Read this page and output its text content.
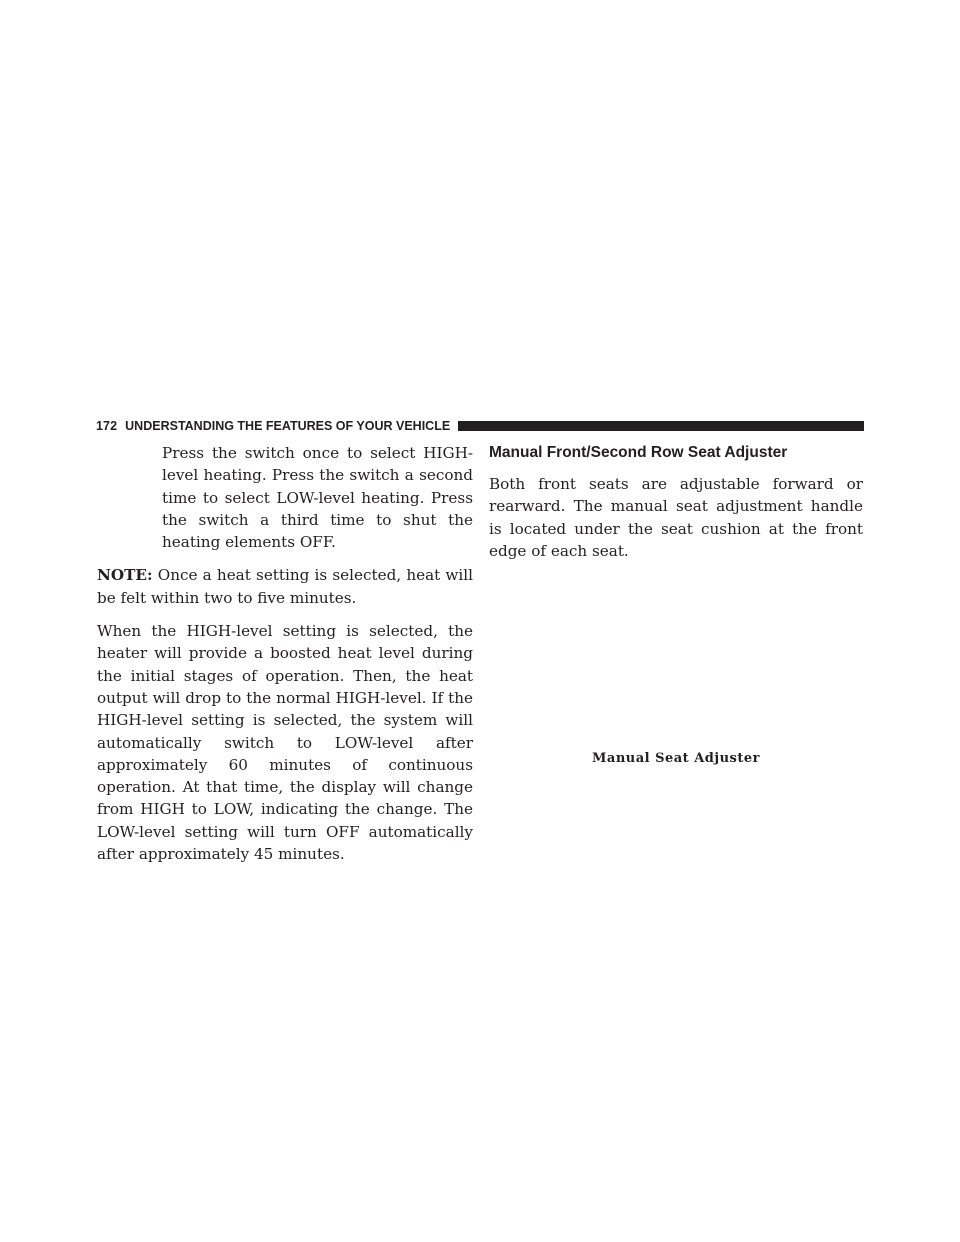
172 UNDERSTANDING THE FEATURES OF YOUR VEHICLE

Press the switch once to select HIGH-level heating. Press the switch a second time to select LOW-level heating. Press the switch a third time to shut the heating elements OFF.

NOTE: Once a heat setting is selected, heat will be felt within two to five minutes.

When the HIGH-level setting is selected, the heater will provide a boosted heat level during the initial stages of operation. Then, the heat output will drop to the normal HIGH-level. If the HIGH-level setting is selected, the system will automatically switch to LOW-level after approximately 60 minutes of continuous operation. At that time, the display will change from HIGH to LOW, indicating the change. The LOW-level setting will turn OFF automatically after approximately 45 minutes.

Manual Front/Second Row Seat Adjuster

Both front seats are adjustable forward or rearward. The manual seat adjustment handle is located under the seat cushion at the front edge of each seat.

Manual Seat Adjuster
